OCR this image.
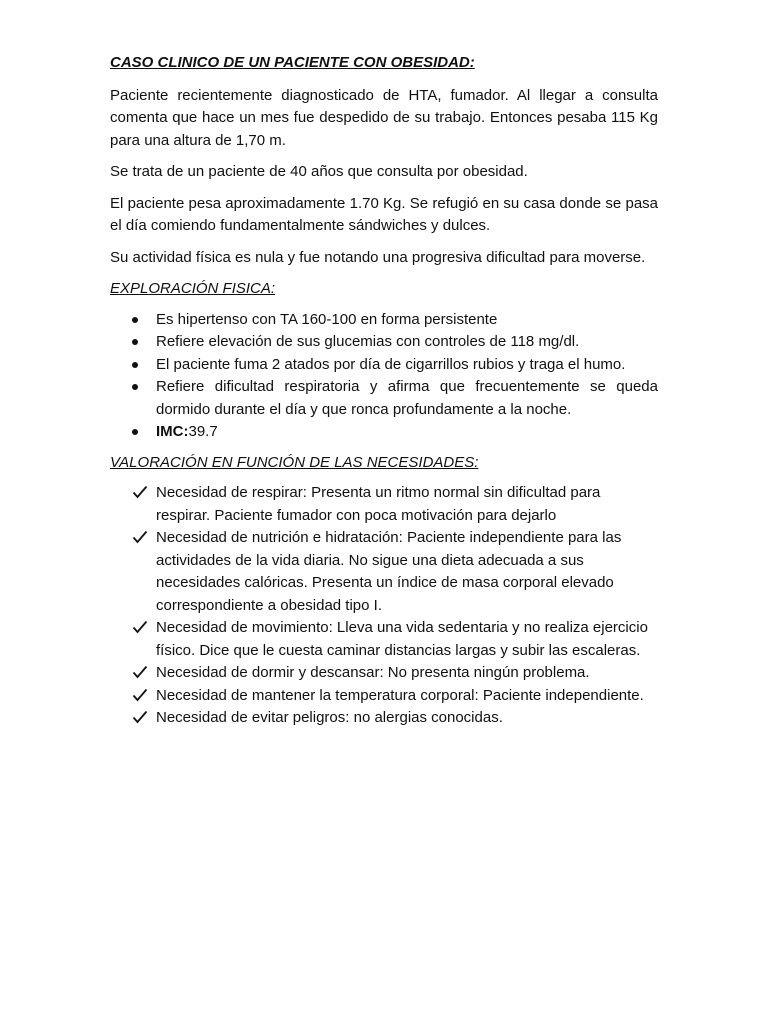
CASO CLINICO DE UN PACIENTE CON OBESIDAD:

Paciente recientemente diagnosticado de HTA, fumador. Al llegar a consulta comenta que hace un mes fue despedido de su trabajo. Entonces pesaba 115 Kg para una altura de 1,70 m.

Se trata de un paciente de 40 años que consulta por obesidad.

El paciente pesa aproximadamente 1.70 Kg. Se refugió en su casa donde se pasa el día comiendo fundamentalmente sándwiches y dulces.

Su actividad física es nula y fue notando una progresiva dificultad para moverse.

EXPLORACIÓN FISICA:
Es hipertenso con TA 160-100 en forma persistente
Refiere elevación de sus glucemias con controles de 118 mg/dl.
El paciente fuma 2 atados por día de cigarrillos rubios y traga el humo.
Refiere dificultad respiratoria y afirma que frecuentemente se queda dormido durante el día y que ronca profundamente a la noche.
IMC:39.7
VALORACIÓN EN FUNCIÓN DE LAS NECESIDADES:
Necesidad de respirar: Presenta un ritmo normal sin dificultad para respirar. Paciente fumador con poca motivación para dejarlo
Necesidad de nutrición e hidratación: Paciente independiente para las actividades de la vida diaria. No sigue una dieta adecuada a sus necesidades calóricas. Presenta un índice de masa corporal elevado correspondiente a obesidad tipo I.
Necesidad de movimiento: Lleva una vida sedentaria y no realiza ejercicio físico. Dice que le cuesta caminar distancias largas y subir las escaleras.
Necesidad de dormir y descansar: No presenta ningún problema.
Necesidad de mantener la temperatura corporal: Paciente independiente.
Necesidad de evitar peligros: no alergias conocidas.
